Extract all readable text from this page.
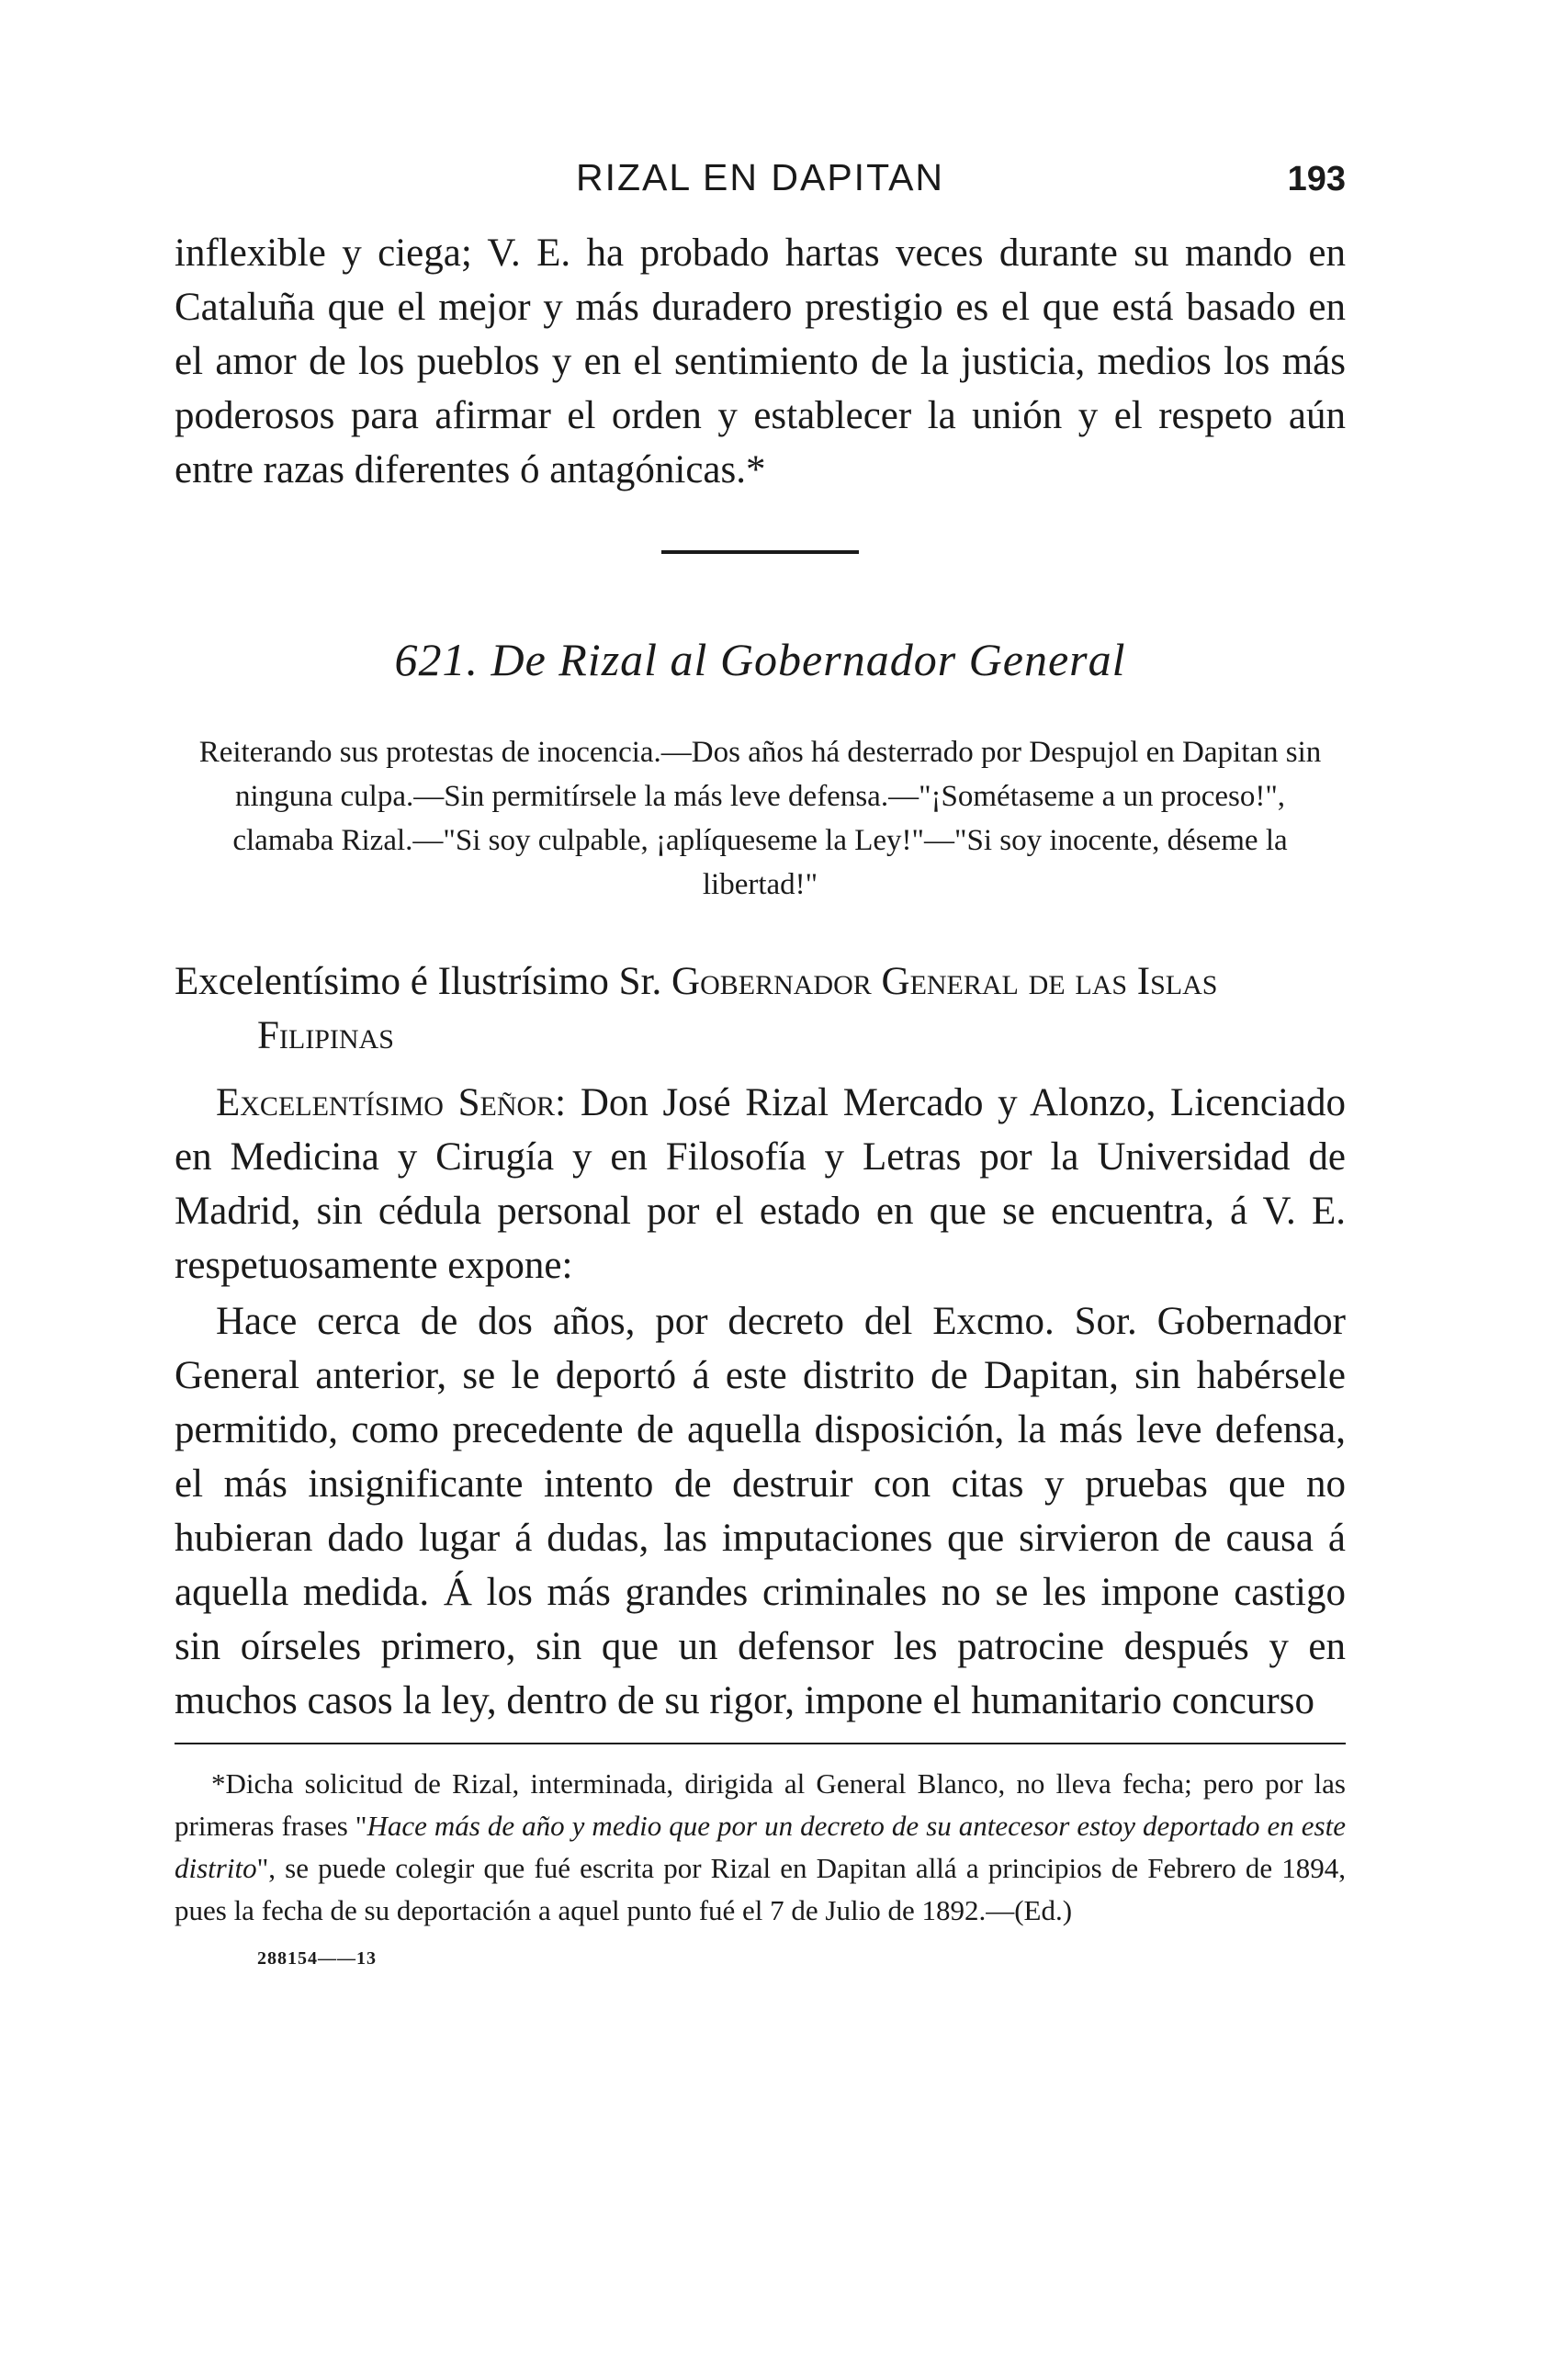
RIZAL EN DAPITAN	193

inflexible y ciega; V. E. ha probado hartas veces durante su mando en Cataluña que el mejor y más duradero prestigio es el que está basado en el amor de los pueblos y en el sentimiento de la justicia, medios los más poderosos para afirmar el orden y establecer la unión y el respeto aún entre razas diferentes ó antagónicas.*

621. De Rizal al Gobernador General

Reiterando sus protestas de inocencia.—Dos años há desterrado por Despujol en Dapitan sin ninguna culpa.—Sin permitírsele la más leve defensa.—"¡Sométaseme a un proceso!", clamaba Rizal.—"Si soy culpable, ¡aplíqueseme la Ley!"—"Si soy inocente, déseme la libertad!"

Excelentísimo é Ilustrísimo Sr. Gobernador General de las Islas Filipinas

Excelentísimo Señor: Don José Rizal Mercado y Alonzo, Licenciado en Medicina y Cirugía y en Filosofía y Letras por la Universidad de Madrid, sin cédula personal por el estado en que se encuentra, á V. E. respetuosamente expone:

Hace cerca de dos años, por decreto del Excmo. Sor. Gobernador General anterior, se le deportó á este distrito de Dapitan, sin habérsele permitido, como precedente de aquella disposición, la más leve defensa, el más insignificante intento de destruir con citas y pruebas que no hubieran dado lugar á dudas, las imputaciones que sirvieron de causa á aquella medida. Á los más grandes criminales no se les impone castigo sin oírseles primero, sin que un defensor les patrocine después y en muchos casos la ley, dentro de su rigor, impone el humanitario concurso

*Dicha solicitud de Rizal, interminada, dirigida al General Blanco, no lleva fecha; pero por las primeras frases "Hace más de año y medio que por un decreto de su antecesor estoy deportado en este distrito", se puede colegir que fué escrita por Rizal en Dapitan allá a principios de Febrero de 1894, pues la fecha de su deportación a aquel punto fué el 7 de Julio de 1892.—(Ed.)

288154——13
